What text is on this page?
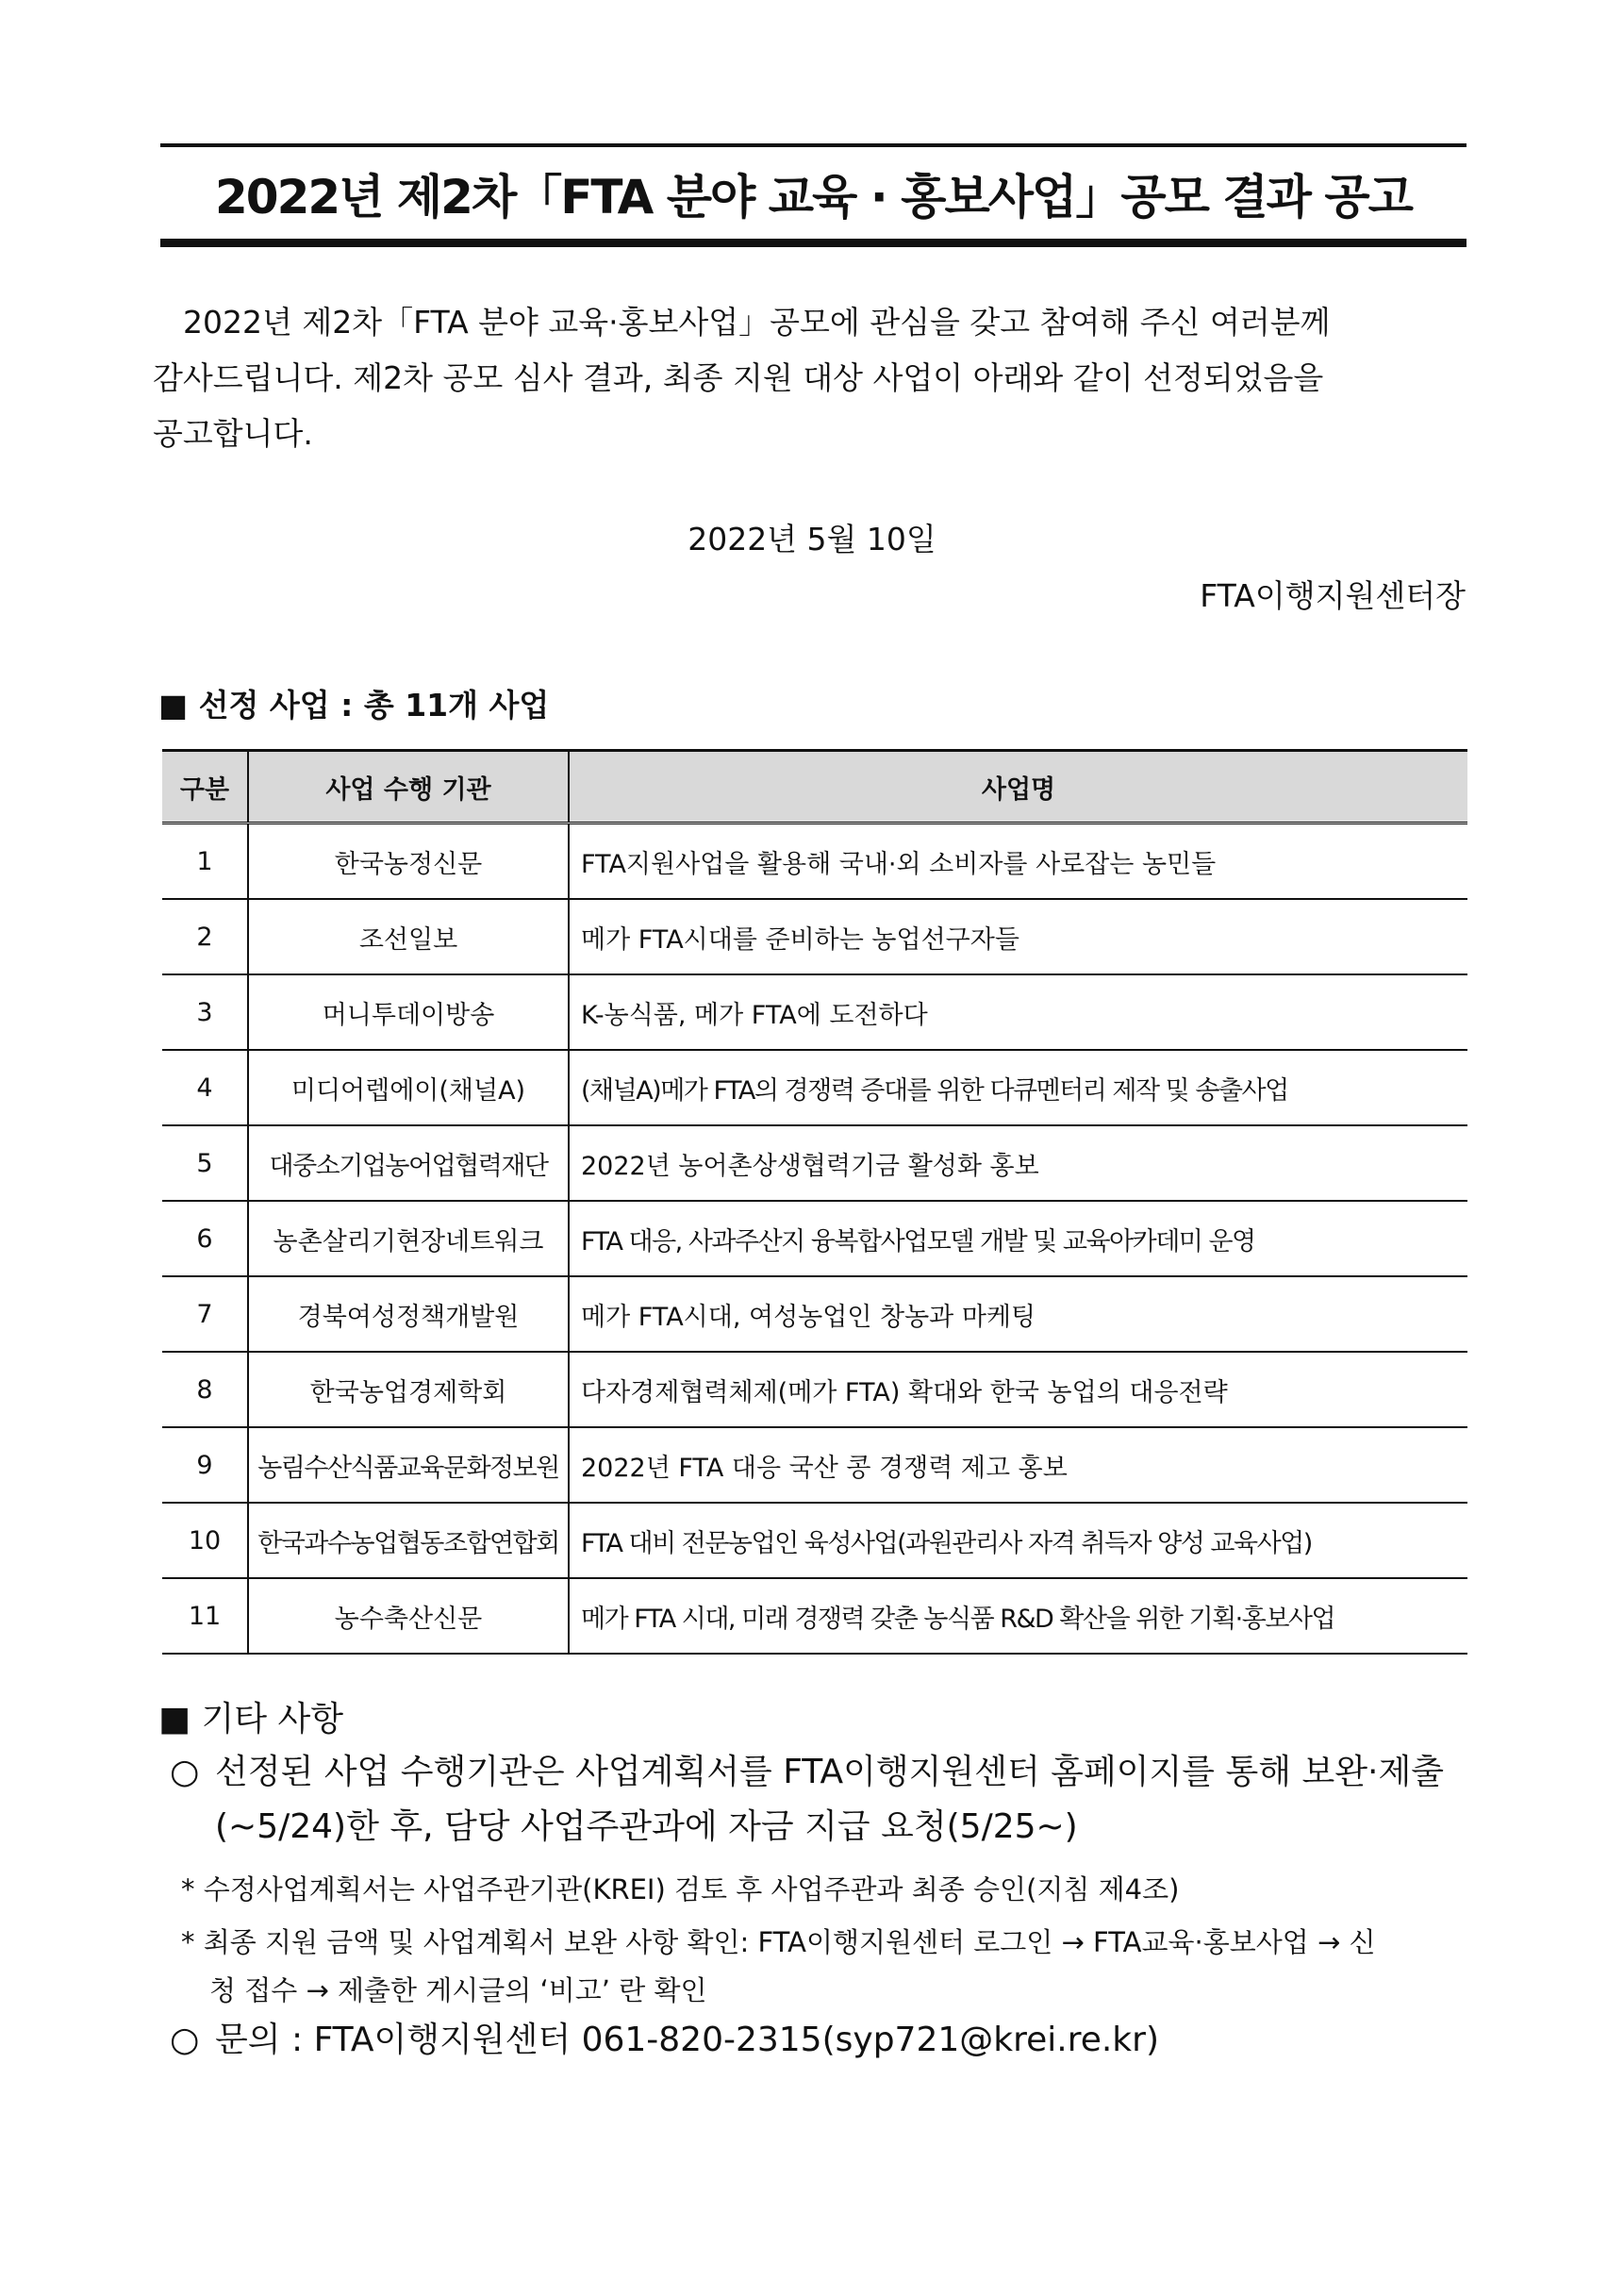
2022년 제2차「FTA 분야 교육 · 홍보사업」공모 결과 공고

2022년 제2차「FTA 분야 교육·홍보사업」공모에 관심을 갖고 참여해 주신 여러분께
감사드립니다. 제2차 공모 심사 결과, 최종 지원 대상 사업이 아래와 같이 선정되었음을
공고합니다.

2022년 5월 10일
FTA이행지원센터장
■ 선정 사업 : 총 11개 사업
구분	사업 수행 기관	사업명
1	한국농정신문	FTA지원사업을 활용해 국내·외 소비자를 사로잡는 농민들
2	조선일보	메가 FTA시대를 준비하는 농업선구자들
3	머니투데이방송	K-농식품, 메가 FTA에 도전하다
4	미디어렙에이(채널A)	(채널A)메가 FTA의 경쟁력 증대를 위한 다큐멘터리 제작 및 송출사업
5	대중소기업농어업협력재단	2022년 농어촌상생협력기금 활성화 홍보
6	농촌살리기현장네트워크	FTA 대응, 사과주산지 융복합사업모델 개발 및 교육아카데미 운영
7	경북여성정책개발원	메가 FTA시대, 여성농업인 창농과 마케팅
8	한국농업경제학회	다자경제협력체제(메가 FTA) 확대와 한국 농업의 대응전략
9	농림수산식품교육문화정보원	2022년 FTA 대응 국산 콩 경쟁력 제고 홍보
10	한국과수농업협동조합연합회	FTA 대비 전문농업인 육성사업(과원관리사 자격 취득자 양성 교육사업)
11	농수축산신문	메가 FTA 시대, 미래 경쟁력 갖춘 농식품 R&D 확산을 위한 기획·홍보사업
■ 기타 사항
○ 선정된 사업 수행기관은 사업계획서를 FTA이행지원센터 홈페이지를 통해 보완·제출
(~5/24)한 후, 담당 사업주관과에 자금 지급 요청(5/25~)
* 수정사업계획서는 사업주관기관(KREI) 검토 후 사업주관과 최종 승인(지침 제4조)
* 최종 지원 금액 및 사업계획서 보완 사항 확인: FTA이행지원센터 로그인 → FTA교육·홍보사업 → 신
청 접수 → 제출한 게시글의 ‘비고’ 란 확인
○ 문의 : FTA이행지원센터 061-820-2315(syp721@krei.re.kr)
